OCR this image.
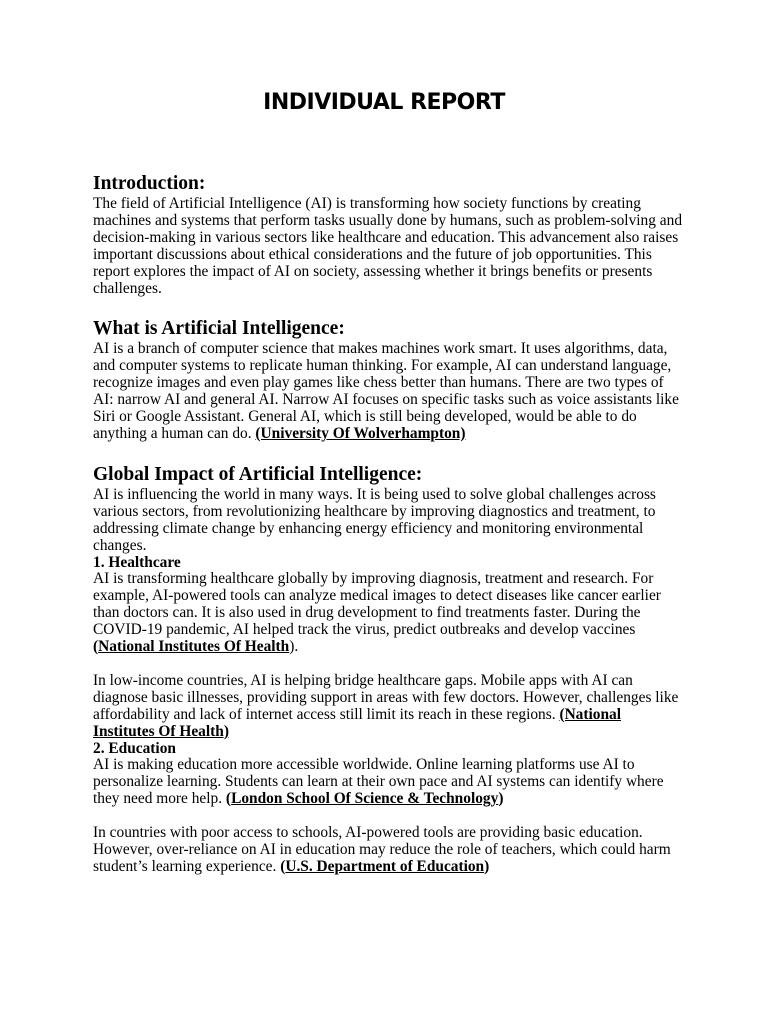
INDIVIDUAL REPORT
Introduction:

The field of Artificial Intelligence (AI) is transforming how society functions by creating machines and systems that perform tasks usually done by humans, such as problem-solving and decision-making in various sectors like healthcare and education. This advancement also raises important discussions about ethical considerations and the future of job opportunities. This report explores the impact of AI on society, assessing whether it brings benefits or presents challenges.

What is Artificial Intelligence:

AI is a branch of computer science that makes machines work smart. It uses algorithms, data, and computer systems to replicate human thinking. For example, AI can understand language, recognize images and even play games like chess better than humans. There are two types of AI: narrow AI and general AI. Narrow AI focuses on specific tasks such as voice assistants like Siri or Google Assistant. General AI, which is still being developed, would be able to do anything a human can do. (University Of Wolverhampton)

Global Impact of Artificial Intelligence:

AI is influencing the world in many ways. It is being used to solve global challenges across various sectors, from revolutionizing healthcare by improving diagnostics and treatment, to addressing climate change by enhancing energy efficiency and monitoring environmental changes.

1. Healthcare

AI is transforming healthcare globally by improving diagnosis, treatment and research. For example, AI-powered tools can analyze medical images to detect diseases like cancer earlier than doctors can. It is also used in drug development to find treatments faster. During the COVID-19 pandemic, AI helped track the virus, predict outbreaks and develop vaccines (National Institutes Of Health).

In low-income countries, AI is helping bridge healthcare gaps. Mobile apps with AI can diagnose basic illnesses, providing support in areas with few doctors. However, challenges like affordability and lack of internet access still limit its reach in these regions. (National Institutes Of Health)

2. Education

AI is making education more accessible worldwide. Online learning platforms use AI to personalize learning. Students can learn at their own pace and AI systems can identify where they need more help. (London School Of Science & Technology)

In countries with poor access to schools, AI-powered tools are providing basic education. However, over-reliance on AI in education may reduce the role of teachers, which could harm student’s learning experience. (U.S. Department of Education)
